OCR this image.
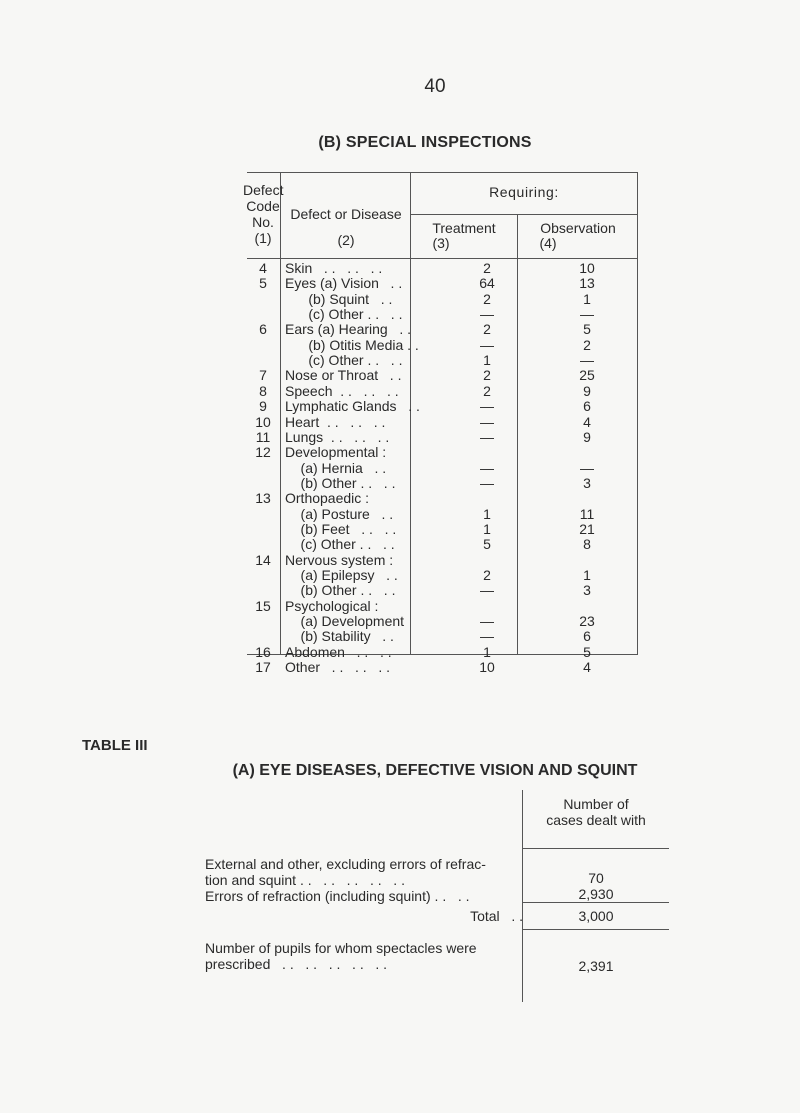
40
(B) SPECIAL INSPECTIONS
Defect
Code
No.
(1)
Defect or Disease
(2)
Requiring:
Treatment
(3)
Observation
(4)
4	Skin   . .   . .   . .	2	10
5	Eyes (a) Vision   . .	64	13
(b) Squint   . .	2	1
(c) Other . .   . .	—	—
6	Ears (a) Hearing   . .	2	5
(b) Otitis Media . .	—	2
(c) Other . .   . .	1	—
7	Nose or Throat   . .	2	25
8	Speech  . .   . .   . .	2	9
9	Lymphatic Glands   . .	—	6
10	Heart  . .   . .   . .	—	4
11	Lungs  . .   . .   . .	—	9
12	Developmental :
(a) Hernia   . .	—	—
(b) Other . .   . .	—	3
13	Orthopaedic :
(a) Posture   . .	1	11
(b) Feet   . .   . .	1	21
(c) Other . .   . .	5	8
14	Nervous system :
(a) Epilepsy   . .	2	1
(b) Other . .   . .	—	3
15	Psychological :
(a) Development	—	23
(b) Stability   . .	—	6
16	Abdomen   . .   . .	1	5
17	Other   . .   . .   . .	10	4
TABLE III
(A) EYE DISEASES, DEFECTIVE VISION AND SQUINT
Number of
cases dealt with
External and other, excluding errors of refrac-
tion and squint . .   . .   . .   . .   . .	70
Errors of refraction (including squint) . .   . .	2,930
Total   . .	3,000
Number of pupils for whom spectacles were
prescribed   . .   . .   . .   . .   . .	2,391
